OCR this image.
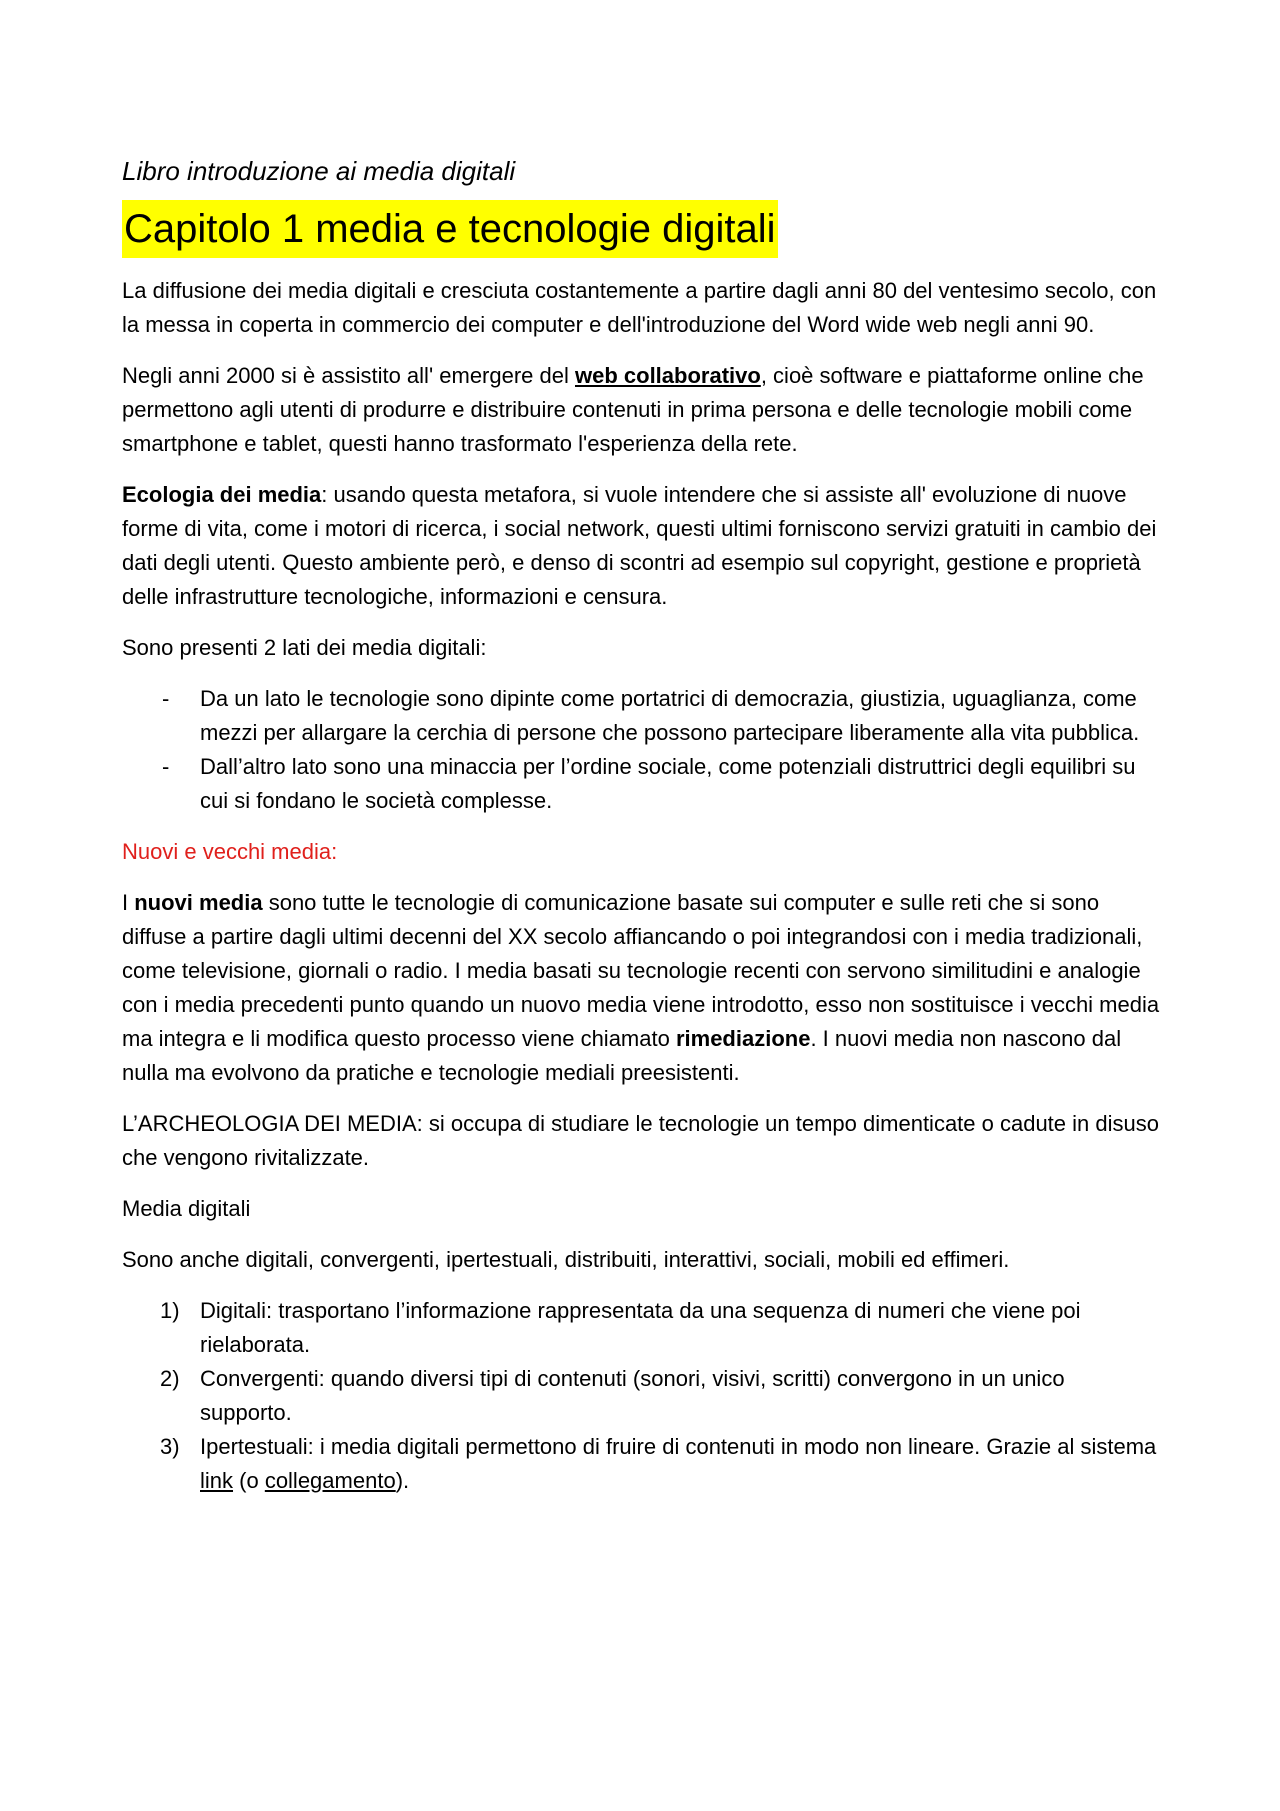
Libro introduzione ai media digitali
Capitolo 1 media e tecnologie digitali

La diffusione dei media digitali e cresciuta costantemente a partire dagli anni 80 del ventesimo secolo, con la messa in coperta in commercio dei computer e dell'introduzione del Word wide web negli anni 90.

Negli anni 2000 si è assistito all' emergere del web collaborativo, cioè software e piattaforme online che permettono agli utenti di produrre e distribuire contenuti in prima persona e delle tecnologie mobili come smartphone e tablet, questi hanno trasformato l'esperienza della rete.

Ecologia dei media: usando questa metafora, si vuole intendere che si assiste all' evoluzione di nuove forme di vita, come i motori di ricerca, i social network, questi ultimi forniscono servizi gratuiti in cambio dei dati degli utenti. Questo ambiente però, e denso di scontri ad esempio sul copyright, gestione e proprietà delle infrastrutture tecnologiche, informazioni e censura.

Sono presenti 2 lati dei media digitali:

- Da un lato le tecnologie sono dipinte come portatrici di democrazia, giustizia, uguaglianza, come mezzi per allargare la cerchia di persone che possono partecipare liberamente alla vita pubblica.
- Dall’altro lato sono una minaccia per l’ordine sociale, come potenziali distruttrici degli equilibri su cui si fondano le società complesse.

Nuovi e vecchi media:

I nuovi media sono tutte le tecnologie di comunicazione basate sui computer e sulle reti che si sono diffuse a partire dagli ultimi decenni del XX secolo affiancando o poi integrandosi con i media tradizionali, come televisione, giornali o radio. I media basati su tecnologie recenti con servono similitudini e analogie con i media precedenti punto quando un nuovo media viene introdotto, esso non sostituisce i vecchi media ma integra e li modifica questo processo viene chiamato rimediazione. I nuovi media non nascono dal nulla ma evolvono da pratiche e tecnologie mediali preesistenti.

L’ARCHEOLOGIA DEI MEDIA: si occupa di studiare le tecnologie un tempo dimenticate o cadute in disuso che vengono rivitalizzate.

Media digitali

Sono anche digitali, convergenti, ipertestuali, distribuiti, interattivi, sociali, mobili ed effimeri.

1) Digitali: trasportano l’informazione rappresentata da una sequenza di numeri che viene poi rielaborata.
2) Convergenti: quando diversi tipi di contenuti (sonori, visivi, scritti) convergono in un unico supporto.
3) Ipertestuali: i media digitali permettono di fruire di contenuti in modo non lineare. Grazie al sistema link (o collegamento).
